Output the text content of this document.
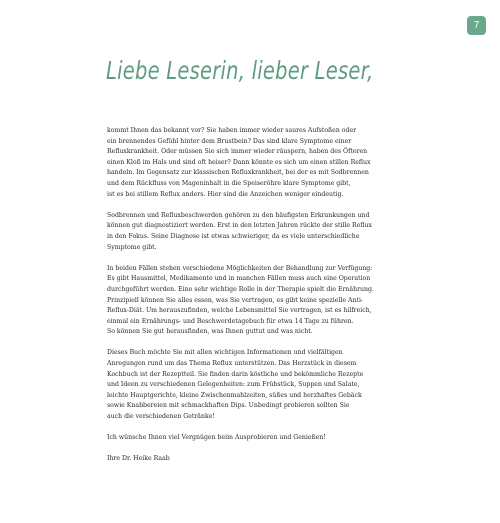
7
Liebe Leserin, lieber Leser,

kommt Ihnen das bekannt vor? Sie haben immer wieder saures Aufstoßen oder
ein brennendes Gefühl hinter dem Brustbein? Das sind klare Symptome einer
Refluxkrankheit. Oder müssen Sie sich immer wieder räuspern, haben des Öfteren
einen Kloß im Hals und sind oft heiser? Dann könnte es sich um einen stillen Reflux
handeln. Im Gegensatz zur klassischen Refluxkrankheit, bei der es mit Sodbrennen
und dem Rückfluss von Mageninhalt in die Speiseröhre klare Symptome gibt,
ist es bei stillem Reflux anders. Hier sind die Anzeichen weniger eindeutig.

Sodbrennen und Refluxbeschwerden gehören zu den häufigsten Erkrankungen und
können gut diagnostiziert werden. Erst in den letzten Jahren rückte der stille Reflux
in den Fokus. Seine Diagnose ist etwas schwieriger, da es viele unterschiedliche
Symptome gibt.

In beiden Fällen stehen verschiedene Möglichkeiten der Behandlung zur Verfügung:
Es gibt Hausmittel, Medikamente und in manchen Fällen muss auch eine Operation
durchgeführt werden. Eine sehr wichtige Rolle in der Therapie spielt die Ernährung.
Prinzipiell können Sie alles essen, was Sie vertragen, es gibt keine spezielle Anti-
Reflux-Diät. Um herauszufinden, welche Lebensmittel Sie vertragen, ist es hilfreich,
einmal ein Ernährungs- und Beschwerdetagebuch für etwa 14 Tage zu führen.
So können Sie gut herausfinden, was Ihnen guttut und was nicht.

Dieses Buch möchte Sie mit allen wichtigen Informationen und vielfältigen
Anregungen rund um das Thema Reflux unterstützen. Das Herzstück in diesem
Kochbuch ist der Rezeptteil. Sie finden darin köstliche und bekömmliche Rezepte
und Ideen zu verschiedenen Gelegenheiten: zum Frühstück, Suppen und Salate,
leichte Hauptgerichte, kleine Zwischenmahlzeiten, süßes und herzhaftes Gebäck
sowie Knabbereien mit schmackhaften Dips. Unbedingt probieren sollten Sie
auch die verschiedenen Getränke!

Ich wünsche Ihnen viel Vergnügen beim Ausprobieren und Genießen!

Ihre Dr. Heike Raab
